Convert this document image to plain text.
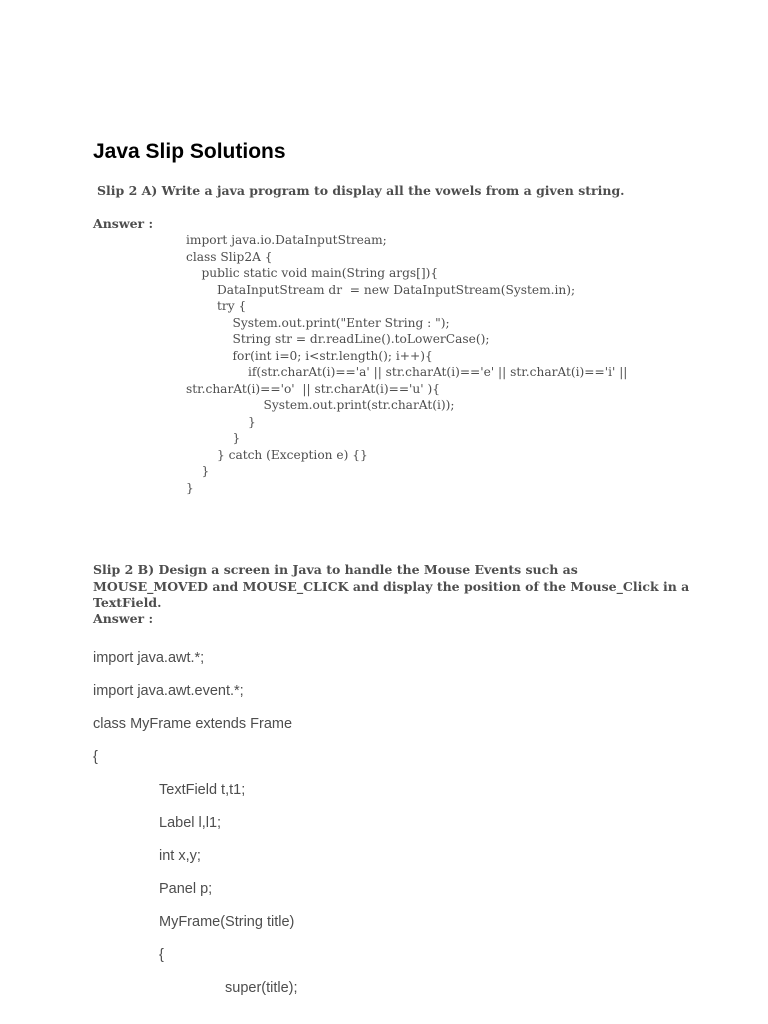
Java Slip Solutions

Slip 2 A) Write a java program to display all the vowels from a given string.

Answer :

import java.io.DataInputStream;
class Slip2A {
public static void main(String args[]){
DataInputStream dr  = new DataInputStream(System.in);
try {
System.out.print("Enter String : ");
String str = dr.readLine().toLowerCase();
for(int i=0; i<str.length(); i++){
if(str.charAt(i)=='a' || str.charAt(i)=='e' || str.charAt(i)=='i' ||
str.charAt(i)=='o'  || str.charAt(i)=='u' ){
System.out.print(str.charAt(i));
}
}
} catch (Exception e) {}
}
}

Slip 2 B) Design a screen in Java to handle the Mouse Events such as MOUSE_MOVED and MOUSE_CLICK and display the position of the Mouse_Click in a TextField.

Answer :

import java.awt.*;
import java.awt.event.*;
class MyFrame extends Frame
{
TextField t,t1;
Label l,l1;
int x,y;
Panel p;
MyFrame(String title)
{
super(title);
